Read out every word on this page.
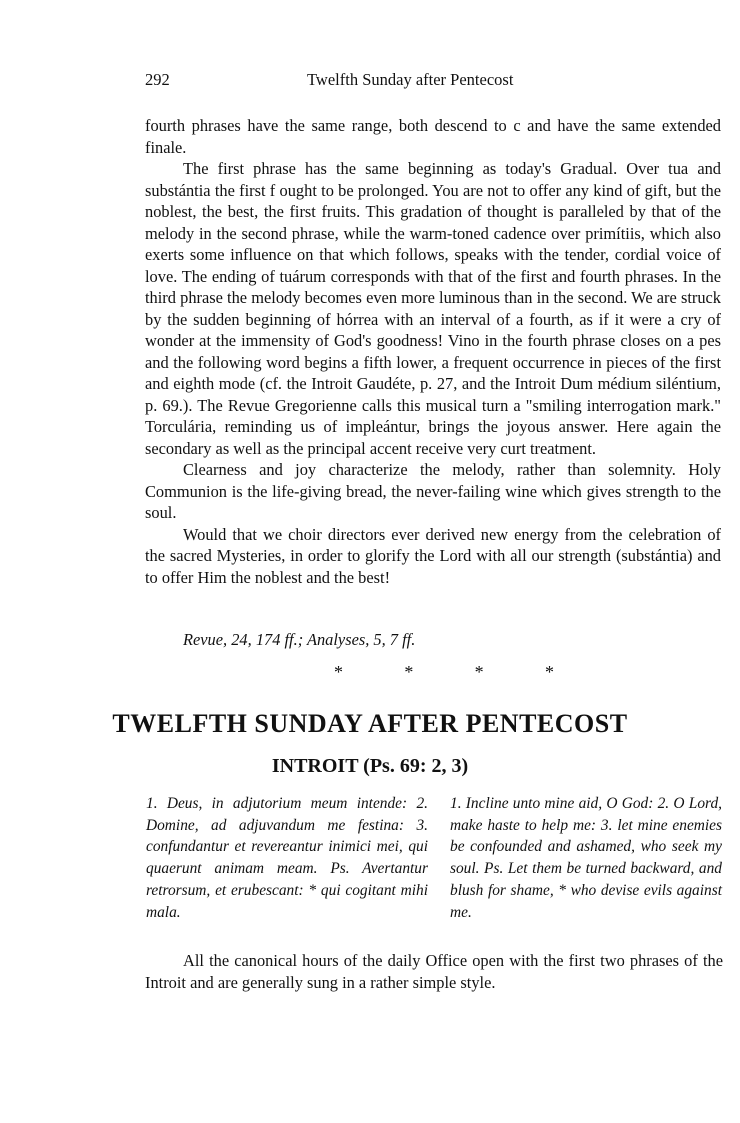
292	Twelfth Sunday after Pentecost

fourth phrases have the same range, both descend to c and have the same extended finale.

The first phrase has the same beginning as today's Gradual. Over tua and substántia the first f ought to be prolonged. You are not to offer any kind of gift, but the noblest, the best, the first fruits. This gradation of thought is paralleled by that of the melody in the second phrase, while the warm-toned cadence over primítiis, which also exerts some influence on that which follows, speaks with the tender, cordial voice of love. The ending of tuárum corresponds with that of the first and fourth phrases. In the third phrase the melody becomes even more luminous than in the second. We are struck by the sudden beginning of hórrea with an interval of a fourth, as if it were a cry of wonder at the immensity of God's goodness! Vino in the fourth phrase closes on a pes and the following word begins a fifth lower, a frequent occurrence in pieces of the first and eighth mode (cf. the Introit Gaudéte, p. 27, and the Introit Dum médium siléntium, p. 69.). The Revue Gregorienne calls this musical turn a "smiling interrogation mark." Torculária, reminding us of impleántur, brings the joyous answer. Here again the secondary as well as the principal accent receive very curt treatment.

Clearness and joy characterize the melody, rather than solemnity. Holy Communion is the life-giving bread, the never-failing wine which gives strength to the soul.

Would that we choir directors ever derived new energy from the celebration of the sacred Mysteries, in order to glorify the Lord with all our strength (substántia) and to offer Him the noblest and the best!

Revue, 24, 174 ff.; Analyses, 5, 7 ff.
*	*	*	*
TWELFTH SUNDAY AFTER PENTECOST
INTROIT (Ps. 69: 2, 3)
1. Deus, in adjutorium meum intende: 2. Domine, ad adjuvandum me festina: 3. confundantur et revereantur inimici mei, qui quaerunt animam meam. Ps. Avertantur retrorsum, et erubescant: * qui cogitant mihi mala.
1. Incline unto mine aid, O God: 2. O Lord, make haste to help me: 3. let mine enemies be confounded and ashamed, who seek my soul. Ps. Let them be turned backward, and blush for shame, * who devise evils against me.

All the canonical hours of the daily Office open with the first two phrases of the Introit and are generally sung in a rather simple style.
